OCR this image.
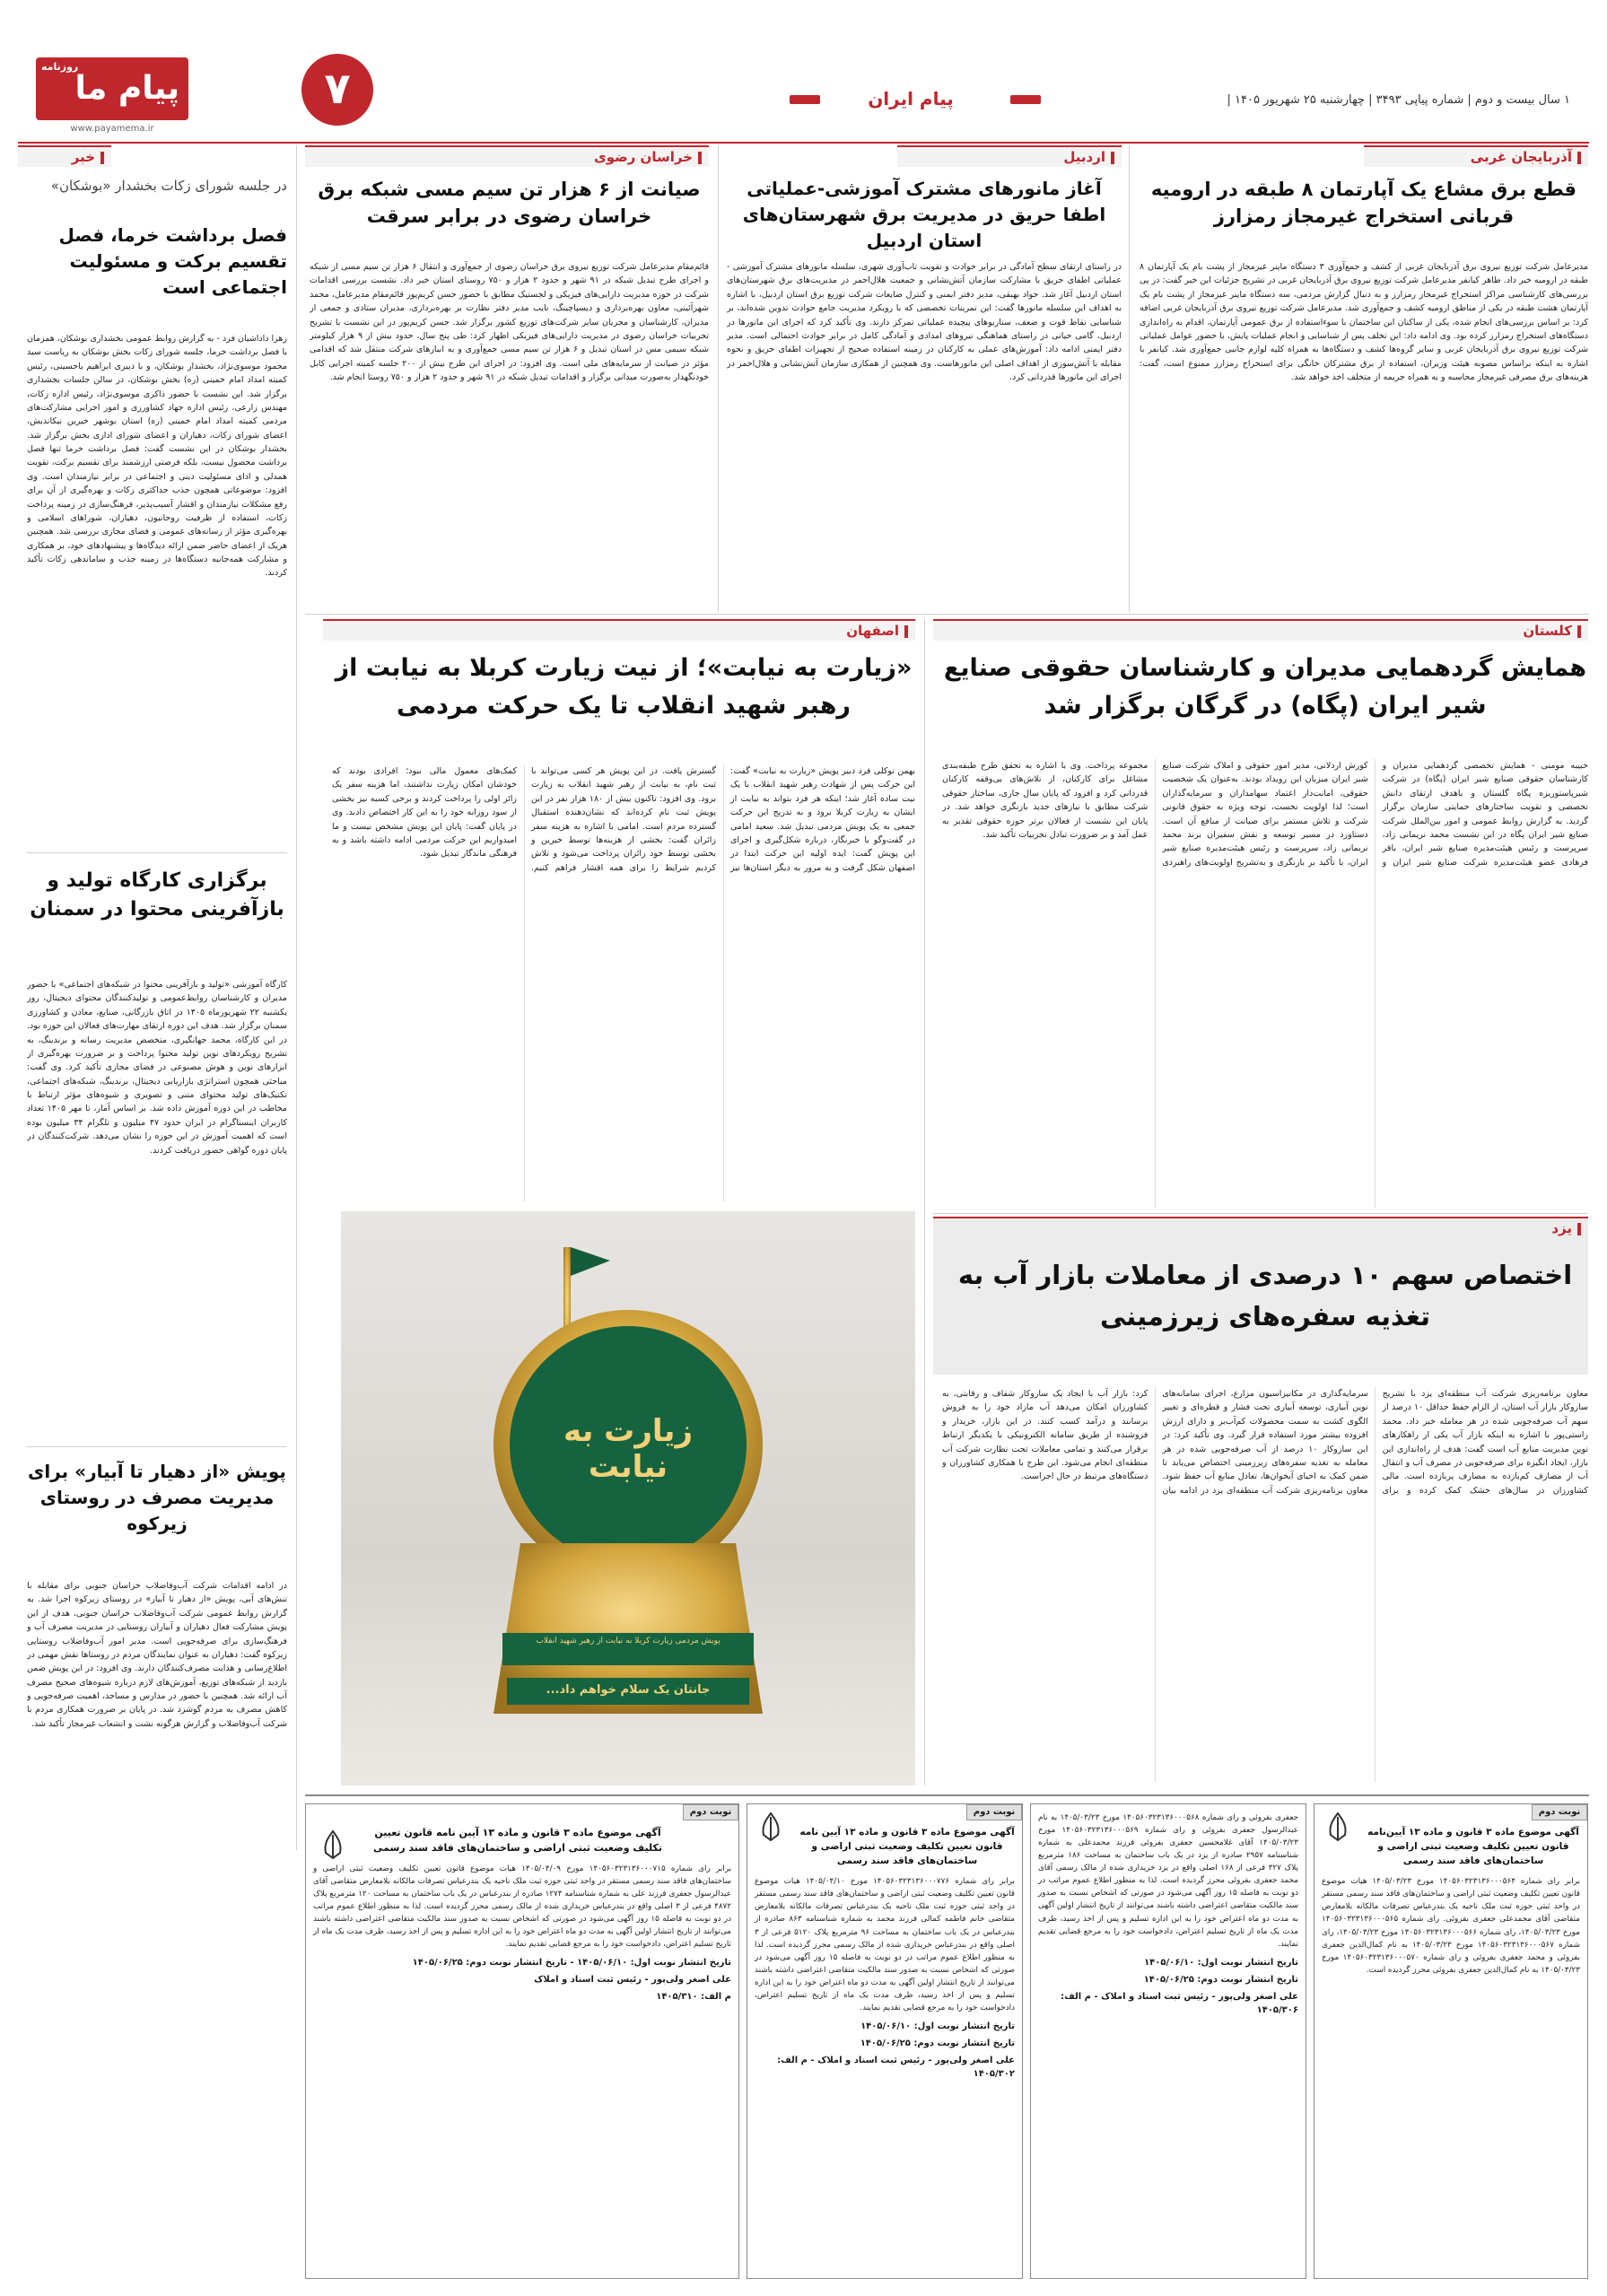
روزنامه
پیام ما
www.payamema.ir
۷	پیام ایران	۱ سال بیست و دوم | شماره پیاپی ۳۴۹۳ | چهارشنبه ۲۵ شهریور ۱۴۰۵ |
خبر
در جلسه شورای زکات بخشدار «بوشکان»
فصل برداشت خرما، فصل تقسیم برکت و مسئولیت اجتماعی است
زهرا داداشیان فرد - به گزارش روابط عمومی بخشداری بوشکان، همزمان با فصل برداشت خرما، جلسه شورای زکات بخش بوشکان به ریاست سید محمود موسوی‌نژاد، بخشدار بوشکان، و با دبیری ابراهیم یاحسینی، رئیس کمیته امداد امام خمینی (ره) بخش بوشکان، در سالن جلسات بخشداری برگزار شد. این نشست با حضور ذاکری موسوی‌نژاد، رئیس اداره زکات، مهندس زارعی، رئیس اداره جهاد کشاورزی و امور اجرایی مشارکت‌های مردمی کمیته امداد امام خمینی (ره) استان بوشهر خیرین نیکاندیش، اعضای شورای زکات، دهیاران و اعضای شورای اداری بخش برگزار شد. بخشدار بوشکان در این نشست گفت: فصل برداشت خرما تنها فصل برداشت محصول نیست، بلکه فرصتی ارزشمند برای تقسیم برکت، تقویت همدلی و ادای مسئولیت دینی و اجتماعی در برابر نیازمندان است. وی افزود: موضوعاتی همچون جذب حداکثری زکات و بهره‌گیری از آن برای رفع مشکلات نیازمندان و اقشار آسیب‌پذیر، فرهنگ‌سازی در زمینه پرداخت زکات، استفاده از ظرفیت روحانیون، دهیاران، شوراهای اسلامی و بهره‌گیری مؤثر از رسانه‌های عمومی و فضای مجازی بررسی شد. همچنین هریک از اعضای حاضر ضمن ارائه دیدگاه‌ها و پیشنهادهای خود، بر همکاری و مشارکت همه‌جانبه دستگاه‌ها در زمینه جذب و ساماندهی زکات تأکید کردند.
برگزاری کارگاه تولید و بازآفرینی محتوا در سمنان
کارگاه آموزشی «تولید و بازآفرینی محتوا در شبکه‌های اجتماعی» با حضور مدیران و کارشناسان روابط‌عمومی و تولیدکنندگان محتوای دیجیتال، روز یکشنبه ۲۲ شهریورماه ۱۴۰۵ در اتاق بازرگانی، صنایع، معادن و کشاورزی سمنان برگزار شد. هدف این دوره ارتقای مهارت‌های فعالان این حوزه بود. در این کارگاه، محمد جهانگیری، متخصص مدیریت رسانه و برندینگ، به تشریح رویکردهای نوین تولید محتوا پرداخت و بر ضرورت بهره‌گیری از ابزارهای نوین و هوش مصنوعی در فضای مجازی تأکید کرد. وی گفت: مباحثی همچون استراتژی بازاریابی دیجیتال، برندینگ، شبکه‌های اجتماعی، تکنیک‌های تولید محتوای متنی و تصویری و شیوه‌های مؤثر ارتباط با مخاطب در این دوره آموزش داده شد. بر اساس آمار، تا مهر ۱۴۰۵ تعداد کاربران اینستاگرام در ایران حدود ۴۷ میلیون و تلگرام ۳۴ میلیون بوده است که اهمیت آموزش در این حوزه را نشان می‌دهد. شرکت‌کنندگان در پایان دوره گواهی حضور دریافت کردند.
پویش «از دهیار تا آبیار» برای مدیریت مصرف در روستای زیرکوه
در ادامه اقدامات شرکت آب‌وفاضلاب خراسان جنوبی برای مقابله با تنش‌های آبی، پویش «از دهیار تا آبیار» در روستای زیرکوه اجرا شد. به گزارش روابط عمومی شرکت آب‌وفاضلاب خراسان جنوبی، هدف از این پویش مشارکت فعال دهیاران و آبیاران روستایی در مدیریت مصرف آب و فرهنگ‌سازی برای صرفه‌جویی است. مدیر امور آب‌وفاضلاب روستایی زیرکوه گفت: دهیاران به عنوان نمایندگان مردم در روستاها نقش مهمی در اطلاع‌رسانی و هدایت مصرف‌کنندگان دارند. وی افزود: در این پویش ضمن بازدید از شبکه‌های توزیع، آموزش‌های لازم درباره شیوه‌های صحیح مصرف آب ارائه شد. همچنین با حضور در مدارس و مساجد، اهمیت صرفه‌جویی و کاهش مصرف به مردم گوشزد شد. در پایان بر ضرورت همکاری مردم با شرکت آب‌وفاضلاب و گزارش هرگونه نشت و انشعاب غیرمجاز تأکید شد.
آذربایجان غربی
قطع برق مشاع یک آپارتمان ۸ طبقه در ارومیه قربانی استخراج غیرمجاز رمزارز
مدیرعامل شرکت توزیع نیروی برق آذربایجان غربی از کشف و جمع‌آوری ۳ دستگاه ماینر غیرمجاز از پشت بام یک آپارتمان ۸ طبقه در ارومیه خبر داد. طاهر کیانفر مدیرعامل شرکت توزیع نیروی برق آذربایجان غربی در تشریح جزئیات این خبر گفت: در پی بررسی‌های کارشناسی مراکز استخراج غیرمجاز رمزارز و به دنبال گزارش مردمی، سه دستگاه ماینر غیرمجاز از پشت بام یک آپارتمان هشت طبقه در یکی از مناطق ارومیه کشف و جمع‌آوری شد. مدیرعامل شرکت توزیع نیروی برق آذربایجان غربی اضافه کرد: بر اساس بررسی‌های انجام شده، یکی از ساکنان این ساختمان با سوءاستفاده از برق عمومی آپارتمان، اقدام به راه‌اندازی دستگاه‌های استخراج رمزارز کرده بود. وی ادامه داد: این تخلف پس از شناسایی و انجام عملیات پایش، با حضور عوامل عملیاتی شرکت توزیع نیروی برق آذربایجان غربی و سایر گروه‌ها کشف و دستگاه‌ها به همراه کلیه لوازم جانبی جمع‌آوری شد. کیانفر با اشاره به اینکه براساس مصوبه هیئت وزیران، استفاده از برق مشترکان خانگی برای استخراج رمزارز ممنوع است، گفت: هزینه‌های برق مصرفی غیرمجاز محاسبه و به همراه جریمه از متخلف اخذ خواهد شد.
اردبیل
آغاز مانورهای مشترک آموزشی-عملیاتی اطفا حریق در مدیریت برق شهرستان‌های استان اردبیل
در راستای ارتقای سطح آمادگی در برابر حوادث و تقویت تاب‌آوری شهری، سلسله مانورهای مشترک آموزشی - عملیاتی اطفای حریق با مشارکت سازمان آتش‌نشانی و جمعیت هلال‌احمر در مدیریت‌های برق شهرستان‌های استان اردبیل آغاز شد. جواد بهبقی، مدیر دفتر ایمنی و کنترل ضایعات شرکت توزیع برق استان اردبیل، با اشاره به اهداف این سلسله مانورها گفت: این تمرینات تخصصی که با رویکرد مدیریت جامع حوادث تدوین شده‌اند، بر شناسایی نقاط قوت و ضعف، سناریوهای پیچیده عملیاتی تمرکز دارند. وی تأکید کرد که اجرای این مانورها در اردبیل، گامی حیاتی در راستای هماهنگی نیروهای امدادی و آمادگی کامل در برابر حوادث احتمالی است. مدیر دفتر ایمنی ادامه داد: آموزش‌های عملی به کارکنان در زمینه استفاده صحیح از تجهیزات اطفای حریق و نحوه مقابله با آتش‌سوزی از اهداف اصلی این مانورهاست. وی همچنین از همکاری سازمان آتش‌نشانی و هلال‌احمر در اجرای این مانورها قدردانی کرد.
خراسان رضوی
صیانت از ۶ هزار تن سیم مسی شبکه برق خراسان رضوی در برابر سرقت
قائم‌مقام مدیرعامل شرکت توزیع نیروی برق خراسان رضوی از جمع‌آوری و انتقال ۶ هزار تن سیم مسی از شبکه و اجرای طرح تبدیل شبکه در ۹۱ شهر و حدود ۲ هزار و ۷۵۰ روستای استان خبر داد. نشست بررسی اقدامات شرکت در حوزه مدیریت دارایی‌های فیزیکی و لجستیک مطابق با حضور حسن کریم‌پور قائم‌مقام مدیرعامل، محمد شهرآئینی، معاون بهره‌برداری و دیسپاچینگ، نایب مدیر دفتر نظارت بر بهره‌برداری، مدیران ستادی و جمعی از مدیران، کارشناسان و مجریان سایر شرکت‌های توزیع کشور برگزار شد. حسن کریم‌پور در این نشست با تشریح تجربیات خراسان رضوی در مدیریت دارایی‌های فیزیکی اظهار کرد: طی پنج سال، حدود بیش از ۹ هزار کیلومتر شبکه سیمی مس در استان تبدیل و ۶ هزار تن سیم مسی جمع‌آوری و به انبارهای شرکت منتقل شد که اقدامی مؤثر در صیانت از سرمایه‌های ملی است. وی افزود: در اجرای این طرح بیش از ۲۰۰ جلسه کمیته اجرایی کابل خودنگهدار به‌صورت میدانی برگزار و اقدامات تبدیل شبکه در ۹۱ شهر و حدود ۲ هزار و ۷۵۰ روستا انجام شد.
اصفهان
«زیارت به نیابت»؛ از نیت زیارت کربلا به نیابت از رهبر شهید انقلاب تا یک حرکت مردمی
بهمن توکلی فرد دبیر پویش «زیارت به نیابت» گفت: این حرکت پس از شهادت رهبر شهید انقلاب با یک نیت ساده آغاز شد؛ اینکه هر فرد بتواند به نیابت از ایشان به زیارت کربلا برود و به تدریج این حرکت جمعی به یک پویش مردمی تبدیل شد. سعید امامی در گفت‌وگو با خبرنگار، درباره شکل‌گیری و اجرای این پویش گفت: ایده اولیه این حرکت ابتدا در اصفهان شکل گرفت و به مرور به دیگر استان‌ها نیز گسترش یافت. در این پویش هر کسی می‌تواند با ثبت نام، به نیابت از رهبر شهید انقلاب به زیارت برود. وی افزود: تاکنون بیش از ۱۸۰ هزار نفر در این پویش ثبت نام کرده‌اند که نشان‌دهنده استقبال گسترده مردم است. امامی با اشاره به هزینه سفر زائران گفت: بخشی از هزینه‌ها توسط خیرین و بخشی توسط خود زائران پرداخت می‌شود و تلاش کردیم شرایط را برای همه اقشار فراهم کنیم. کمک‌های معمول مالی نبود؛ افرادی بودند که خودشان امکان زیارت نداشتند، اما هزینه سفر یک زائر اولی را پرداخت کردند و برخی کسبه نیز بخشی از سود روزانه خود را به این کار اختصاص دادند. وی در پایان گفت: پایان این پویش مشخص نیست و ما امیدواریم این حرکت مردمی ادامه داشته باشد و به فرهنگی ماندگار تبدیل شود.
زیارت به نیابت
پویش مردمی زیارت کربلا به نیابت از رهبر شهید انقلاب
جانتان یک سلام خواهم داد...
کلستان
همایش گردهمایی مدیران و کارشناسان حقوقی صنایع شیر ایران (پگاه) در گرگان برگزار شد
حبیبه مومنی - همایش تخصصی گردهمایی مدیران و کارشناسان حقوقی صنایع شیر ایران (پگاه) در شرکت شیرپاستوریزه پگاه گلستان و باهدف ارتقای دانش تخصصی و تقویت ساختارهای حمایتی سازمان برگزار گردید. به گزارش روابط عمومی و امور بین‌الملل شرکت صنایع شیر ایران پگاه در این نشست محمد نریمانی زاد، سرپرست و رئیس هیئت‌مدیره صنایع شیر ایران، باقر فرهادی عضو هیئت‌مدیره شرکت صنایع شیر ایران و کورش اردلانی، مدیر امور حقوقی و املاک شرکت صنایع شیر ایران میزبان این رویداد بودند. به‌عنوان یک شخصیت حقوقی، امانت‌دار اعتماد سهامداران و سرمایه‌گذاران است؛ لذا اولویت نخست، توجه ویژه به حقوق قانونی شرکت و تلاش مستمر برای صیانت از منافع آن است. دستاورد در مسیر توسعه و نقش سفیران برند محمد نریمانی زاد، سرپرست و رئیس هیئت‌مدیره صنایع شیر ایران، با تأکید بر بازنگری و به‌تشریح اولویت‌های راهبردی مجموعه پرداخت. وی با اشاره به تحقق طرح طبقه‌بندی مشاغل برای کارکنان، از تلاش‌های بی‌وقفه کارکنان قدردانی کرد و افزود که پایان سال جاری، ساختار حقوقی شرکت مطابق با نیازهای جدید بازنگری خواهد شد. در پایان این نشست از فعالان برتر حوزه حقوقی تقدیر به عمل آمد و بر ضرورت تبادل تجربیات تأکید شد.
یزد
اختصاص سهم ۱۰ درصدی از معاملات بازار آب به تغذیه سفره‌های زیرزمینی
معاون برنامه‌ریزی شرکت آب منطقه‌ای یزد با تشریح سازوکار بازار آب استان، از الزام حفظ حداقل ۱۰ درصد از سهم آب صرفه‌جویی شده در هر معامله خبر داد. محمد راستی‌پور با اشاره به اینکه بازار آب یکی از راهکارهای نوین مدیریت منابع آب است گفت: هدف از راه‌اندازی این بازار، ایجاد انگیزه برای صرفه‌جویی در مصرف آب و انتقال آب از مصارف کم‌بازده به مصارف پربازده است. مالی کشاورزان در سال‌های خشک کمک کرده و برای سرمایه‌گذاری در مکانیزاسیون مزارع، اجرای سامانه‌های نوین آبیاری، توسعه آبیاری تحت فشار و قطره‌ای و تغییر الگوی کشت به سمت محصولات کم‌آب‌بر و دارای ارزش افزوده بیشتر مورد استفاده قرار گیرد. وی تأکید کرد: در این سازوکار ۱۰ درصد از آب صرفه‌جویی شده در هر معامله به تغذیه سفره‌های زیرزمینی اختصاص می‌یابد تا ضمن کمک به احیای آبخوان‌ها، تعادل منابع آب حفظ شود. معاون برنامه‌ریزی شرکت آب منطقه‌ای یزد در ادامه بیان کرد: بازار آب با ایجاد یک سازوکار شفاف و رقابتی، به کشاورزان امکان می‌دهد آب مازاد خود را به فروش برسانند و درآمد کسب کنند. در این بازار، خریدار و فروشنده از طریق سامانه الکترونیکی با یکدیگر ارتباط برقرار می‌کنند و تمامی معاملات تحت نظارت شرکت آب منطقه‌ای انجام می‌شود. این طرح با همکاری کشاورزان و دستگاه‌های مرتبط در حال اجراست.
نوبت دوم
آگهی موضوع ماده ۳ قانون و ماده ۱۳ آیین‌نامه قانون تعیین تکلیف وضعیت ثبتی اراضی و ساختمان‌های فاقد سند رسمی
برابر رای شماره ۱۴۰۵۶۰۳۲۳۱۳۶۰۰۰۵۶۴ مورخ ۱۴۰۵/۰۳/۲۳ هیات موضوع قانون تعیین تکلیف وضعیت ثبتی اراضی و ساختمان‌های فاقد سند رسمی مستقر در واحد ثبتی حوزه ثبت ملک ناحیه یک بندرعباس تصرفات مالکانه بلامعارض متقاضی آقای محمدعلی جعفری بفروئی. رای شماره ۱۴۰۵۶۰۳۲۳۱۳۶۰۰۰۵۶۵ مورخ ۱۴۰۵/۰۳/۲۳، رای شماره ۱۴۰۵۶۰۳۲۳۱۳۶۰۰۰۵۶۶ مورخ ۱۴۰۵/۰۳/۲۳، رای شماره ۱۴۰۵۶۰۳۲۳۱۳۶۰۰۰۵۶۷ مورخ ۱۴۰۵/۰۳/۲۳ به نام کمال‌الدین جعفری بفروئی و محمد جعفری بفروئی و رای شماره ۱۴۰۵۶۰۳۲۳۱۳۶۰۰۰۵۷۰ مورخ ۱۴۰۵/۰۳/۲۳ به نام کمال‌الدین جعفری بفروئی محرز گردیده است.
جعفری بفروئی و رای شماره ۱۴۰۵۶۰۳۲۳۱۳۶۰۰۰۵۶۸ مورخ ۱۴۰۵/۰۳/۲۳ به نام عبدالرسول جعفری بفروئی و رای شماره ۱۴۰۵۶۰۳۲۳۱۳۶۰۰۰۵۶۹ مورخ ۱۴۰۵/۰۳/۲۳ آقای غلامحسین جعفری بفروئی فرزند محمدعلی به شماره شناسنامه ۲۹۵۷ صادره از یزد در یک باب ساختمان به مساحت ۱۸۶ مترمربع پلاک ۳۲۷ فرعی از ۱۶۸ اصلی واقع در یزد خریداری شده از مالک رسمی آقای محمد جعفری بفروئی محرز گردیده است. لذا به منظور اطلاع عموم مراتب در دو نوبت به فاصله ۱۵ روز آگهی می‌شود در صورتی که اشخاص نسبت به صدور سند مالکیت متقاضی اعتراضی داشته باشند می‌توانند از تاریخ انتشار اولین آگهی به مدت دو ماه اعتراض خود را به این اداره تسلیم و پس از اخذ رسید، ظرف مدت یک ماه از تاریخ تسلیم اعتراض، دادخواست خود را به مرجع قضایی تقدیم نمایند.
تاریخ انتشار نوبت اول: ۱۴۰۵/۰۶/۱۰
تاریخ انتشار نوبت دوم: ۱۴۰۵/۰۶/۲۵
علی اصغر ولی‌پور - رئیس ثبت اسناد و املاک - م الف: ۱۴۰۵/۳۰۶
نوبت دوم
آگهی موضوع ماده ۳ قانون و ماده ۱۳ آیین نامه قانون تعیین تکلیف وضعیت ثبتی اراضی و ساختمان‌های فاقد سند رسمی
برابر رای شماره ۱۴۰۵۶۰۳۲۳۱۳۶۰۰۰۷۷۶ مورخ ۱۴۰۵/۰۴/۱۰ هیات موضوع قانون تعیین تکلیف وضعیت ثبتی اراضی و ساختمان‌های فاقد سند رسمی مستقر در واحد ثبتی حوزه ثبت ملک ناحیه یک بندرعباس تصرفات مالکانه بلامعارض متقاضی خانم فاطمه کمالی فرزند محمد به شماره شناسنامه ۸۶۳ صادره از بندرعباس در یک باب ساختمان به مساحت ۹۶ مترمربع پلاک ۵۱۲۰ فرعی از ۳ اصلی واقع در بندرعباس خریداری شده از مالک رسمی محرز گردیده است. لذا به منظور اطلاع عموم مراتب در دو نوبت به فاصله ۱۵ روز آگهی می‌شود در صورتی که اشخاص نسبت به صدور سند مالکیت متقاضی اعتراضی داشته باشند می‌توانند از تاریخ انتشار اولین آگهی به مدت دو ماه اعتراض خود را به این اداره تسلیم و پس از اخذ رسید، ظرف مدت یک ماه از تاریخ تسلیم اعتراض، دادخواست خود را به مرجع قضایی تقدیم نمایند.
تاریخ انتشار نوبت اول: ۱۴۰۵/۰۶/۱۰
تاریخ انتشار نوبت دوم: ۱۴۰۵/۰۶/۲۵
علی اصغر ولی‌پور - رئیس ثبت اسناد و املاک - م الف: ۱۴۰۵/۳۰۲
نوبت دوم
آگهی موضوع ماده ۳ قانون و ماده ۱۳ آیین نامه قانون تعیین تکلیف وضعیت ثبتی اراضی و ساختمان‌های فاقد سند رسمی
برابر رای شماره ۱۴۰۵۶۰۳۲۳۱۳۶۰۰۰۷۱۵ مورخ ۱۴۰۵/۰۴/۰۹ هیات موضوع قانون تعیین تکلیف وضعیت ثبتی اراضی و ساختمان‌های فاقد سند رسمی مستقر در واحد ثبتی حوزه ثبت ملک ناحیه یک بندرعباس تصرفات مالکانه بلامعارض متقاضی آقای عبدالرسول جعفری فرزند علی به شماره شناسنامه ۱۲۷۴ صادره از بندرعباس در یک باب ساختمان به مساحت ۱۲۰ مترمربع پلاک ۴۸۷۲ فرعی از ۳ اصلی واقع در بندرعباس خریداری شده از مالک رسمی محرز گردیده است. لذا به منظور اطلاع عموم مراتب در دو نوبت به فاصله ۱۵ روز آگهی می‌شود در صورتی که اشخاص نسبت به صدور سند مالکیت متقاضی اعتراضی داشته باشند می‌توانند از تاریخ انتشار اولین آگهی به مدت دو ماه اعتراض خود را به این اداره تسلیم و پس از اخذ رسید، ظرف مدت یک ماه از تاریخ تسلیم اعتراض، دادخواست خود را به مرجع قضایی تقدیم نمایند.
تاریخ انتشار نوبت اول: ۱۴۰۵/۰۶/۱۰ - تاریخ انتشار نوبت دوم: ۱۴۰۵/۰۶/۲۵
علی اصغر ولی‌پور - رئیس ثبت اسناد و املاک
م الف: ۱۴۰۵/۳۱۰
